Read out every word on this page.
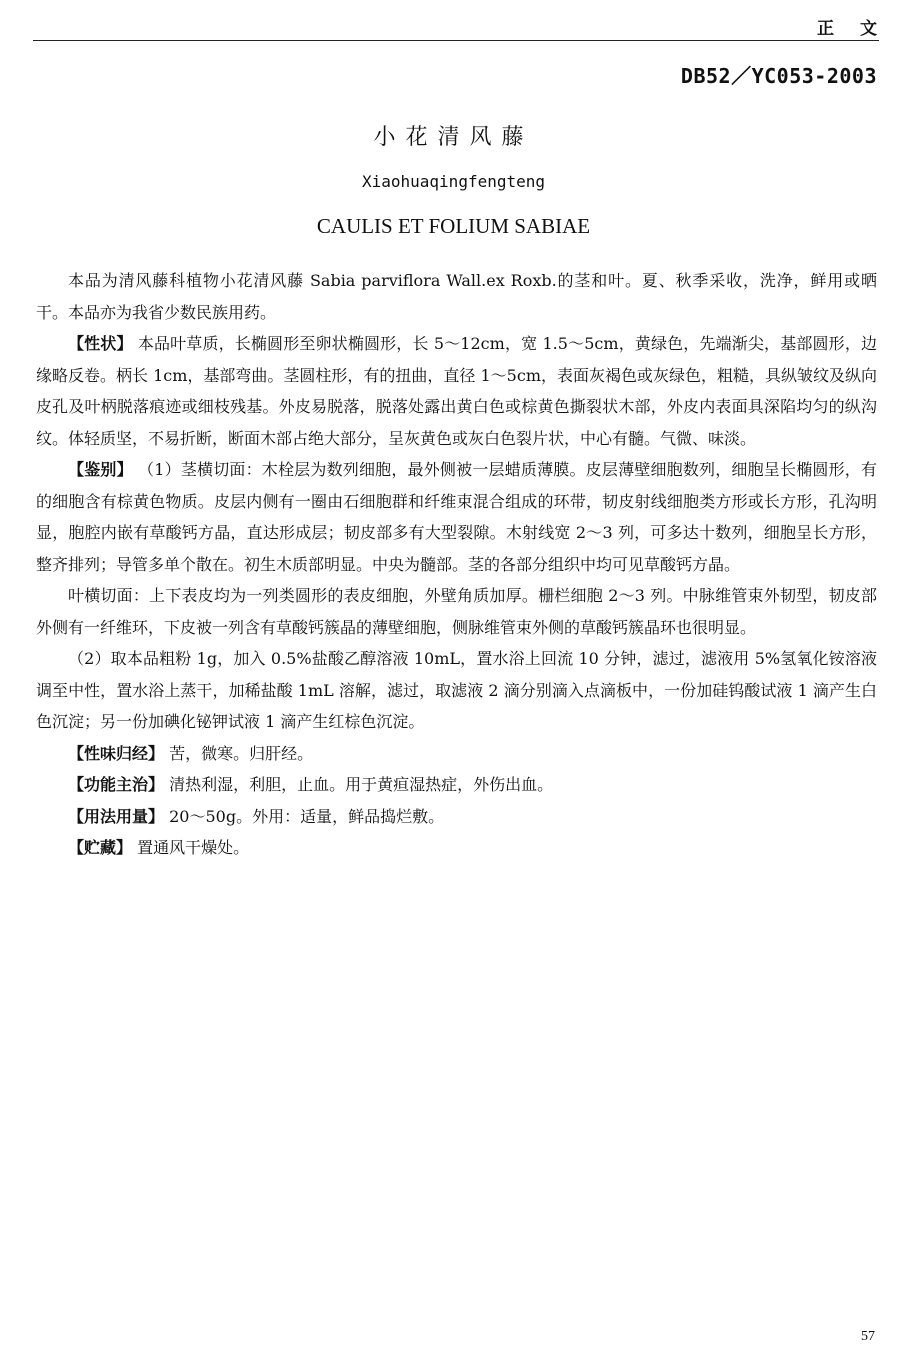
正文
DB52／YC053-2003
小花清风藤
Xiaohuaqingfengteng
CAULIS ET FOLIUM SABIAE

本品为清风藤科植物小花清风藤 Sabia parviflora Wall.ex Roxb.的茎和叶。夏、秋季采收，洗净，鲜用或晒干。本品亦为我省少数民族用药。

【性状】 本品叶草质，长椭圆形至卵状椭圆形，长 5～12cm，宽 1.5～5cm，黄绿色，先端渐尖，基部圆形，边缘略反卷。柄长 1cm，基部弯曲。茎圆柱形，有的扭曲，直径 1～5cm，表面灰褐色或灰绿色，粗糙，具纵皱纹及纵向皮孔及叶柄脱落痕迹或细枝残基。外皮易脱落，脱落处露出黄白色或棕黄色撕裂状木部，外皮内表面具深陷均匀的纵沟纹。体轻质坚，不易折断，断面木部占绝大部分，呈灰黄色或灰白色裂片状，中心有髓。气微、味淡。

【鉴别】 （1）茎横切面：木栓层为数列细胞，最外侧被一层蜡质薄膜。皮层薄壁细胞数列，细胞呈长椭圆形，有的细胞含有棕黄色物质。皮层内侧有一圈由石细胞群和纤维束混合组成的环带，韧皮射线细胞类方形或长方形，孔沟明显，胞腔内嵌有草酸钙方晶，直达形成层；韧皮部多有大型裂隙。木射线宽 2～3 列，可多达十数列，细胞呈长方形，整齐排列；导管多单个散在。初生木质部明显。中央为髓部。茎的各部分组织中均可见草酸钙方晶。

叶横切面：上下表皮均为一列类圆形的表皮细胞，外壁角质加厚。栅栏细胞 2～3 列。中脉维管束外韧型，韧皮部外侧有一纤维环，下皮被一列含有草酸钙簇晶的薄壁细胞，侧脉维管束外侧的草酸钙簇晶环也很明显。

（2）取本品粗粉 1g，加入 0.5%盐酸乙醇溶液 10mL，置水浴上回流 10 分钟，滤过，滤液用 5%氢氧化铵溶液调至中性，置水浴上蒸干，加稀盐酸 1mL 溶解，滤过，取滤液 2 滴分别滴入点滴板中，一份加硅钨酸试液 1 滴产生白色沉淀；另一份加碘化铋钾试液 1 滴产生红棕色沉淀。

【性味归经】 苦，微寒。归肝经。

【功能主治】 清热利湿，利胆，止血。用于黄疸湿热症，外伤出血。

【用法用量】 20～50g。外用：适量，鲜品捣烂敷。

【贮藏】 置通风干燥处。

57
